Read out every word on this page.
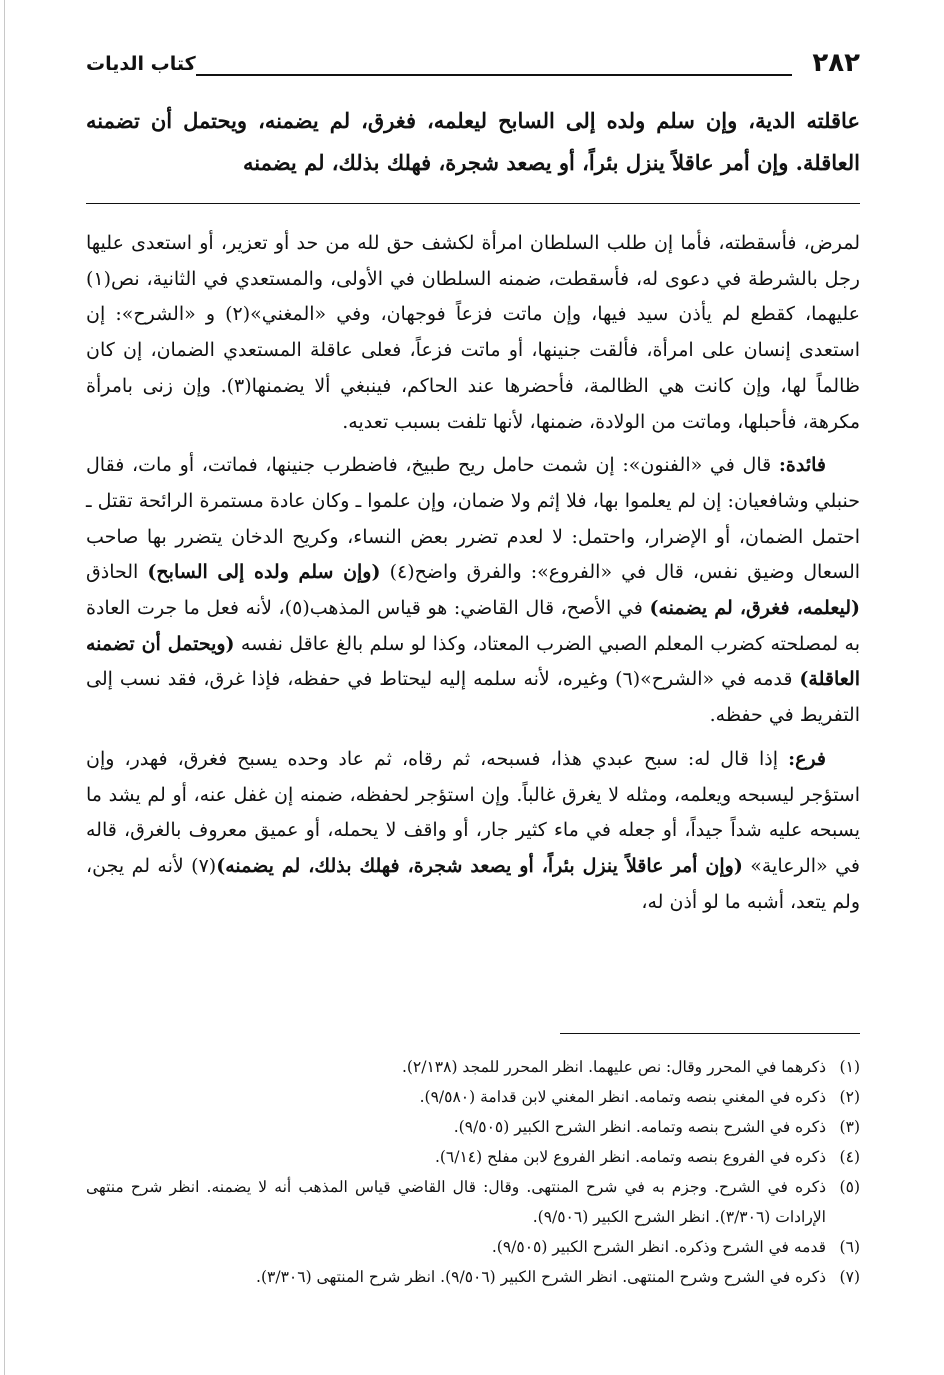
٢٨٢
كتاب الديات

عاقلته الدية، وإن سلم ولده إلى السابح ليعلمه، فغرق، لم يضمنه، ويحتمل أن تضمنه العاقلة. وإن أمر عاقلاً ينزل بئراً، أو يصعد شجرة، فهلك بذلك، لم يضمنه

لمرض، فأسقطته، فأما إن طلب السلطان امرأة لكشف حق لله من حد أو تعزير، أو استعدى عليها رجل بالشرطة في دعوى له، فأسقطت، ضمنه السلطان في الأولى، والمستعدي في الثانية، نص(١) عليهما، كقطع لم يأذن سيد فيها، وإن ماتت فزعاً فوجهان، وفي «المغني»(٢) و «الشرح»: إن استعدى إنسان على امرأة، فألقت جنينها، أو ماتت فزعاً، فعلى عاقلة المستعدي الضمان، إن كان ظالماً لها، وإن كانت هي الظالمة، فأحضرها عند الحاكم، فينبغي ألا يضمنها(٣). وإن زنى بامرأة مكرهة، فأحبلها، وماتت من الولادة، ضمنها، لأنها تلفت بسبب تعديه.

فائدة: قال في «الفنون»: إن شمت حامل ريح طبيخ، فاضطرب جنينها، فماتت، أو مات، فقال حنبلي وشافعيان: إن لم يعلموا بها، فلا إثم ولا ضمان، وإن علموا ـ وكان عادة مستمرة الرائحة تقتل ـ احتمل الضمان، أو الإضرار، واحتمل: لا لعدم تضرر بعض النساء، وكريح الدخان يتضرر بها صاحب السعال وضيق نفس، قال في «الفروع»: والفرق واضح(٤) (وإن سلم ولده إلى السابح) الحاذق (ليعلمه، فغرق، لم يضمنه) في الأصح، قال القاضي: هو قياس المذهب(٥)، لأنه فعل ما جرت العادة به لمصلحته كضرب المعلم الصبي الضرب المعتاد، وكذا لو سلم بالغ عاقل نفسه (ويحتمل أن تضمنه العاقلة) قدمه في «الشرح»(٦) وغيره، لأنه سلمه إليه ليحتاط في حفظه، فإذا غرق، فقد نسب إلى التفريط في حفظه.

فرع: إذا قال له: سبح عبدي هذا، فسبحه، ثم رقاه، ثم عاد وحده يسبح فغرق، فهدر، وإن استؤجر ليسبحه ويعلمه، ومثله لا يغرق غالباً. وإن استؤجر لحفظه، ضمنه إن غفل عنه، أو لم يشد ما يسبحه عليه شداً جيداً، أو جعله في ماء كثير جار، أو واقف لا يحمله، أو عميق معروف بالغرق، قاله في «الرعاية» (وإن أمر عاقلاً ينزل بئراً، أو يصعد شجرة، فهلك بذلك، لم يضمنه)(٧) لأنه لم يجن، ولم يتعد، أشبه ما لو أذن له،

(١)
ذكرهما في المحرر وقال: نص عليهما. انظر المحرر للمجد (٢/١٣٨).
(٢)
ذكره في المغني بنصه وتمامه. انظر المغني لابن قدامة (٩/٥٨٠).
(٣)
ذكره في الشرح بنصه وتمامه. انظر الشرح الكبير (٩/٥٠٥).
(٤)
ذكره في الفروع بنصه وتمامه. انظر الفروع لابن مفلح (٦/١٤).
(٥)
ذكره في الشرح. وجزم به في شرح المنتهى. وقال: قال القاضي قياس المذهب أنه لا يضمنه. انظر شرح منتهى الإرادات (٣/٣٠٦). انظر الشرح الكبير (٩/٥٠٦).
(٦)
قدمه في الشرح وذكره. انظر الشرح الكبير (٩/٥٠٥).
(٧)
ذكره في الشرح وشرح المنتهى. انظر الشرح الكبير (٩/٥٠٦). انظر شرح المنتهى (٣/٣٠٦).
